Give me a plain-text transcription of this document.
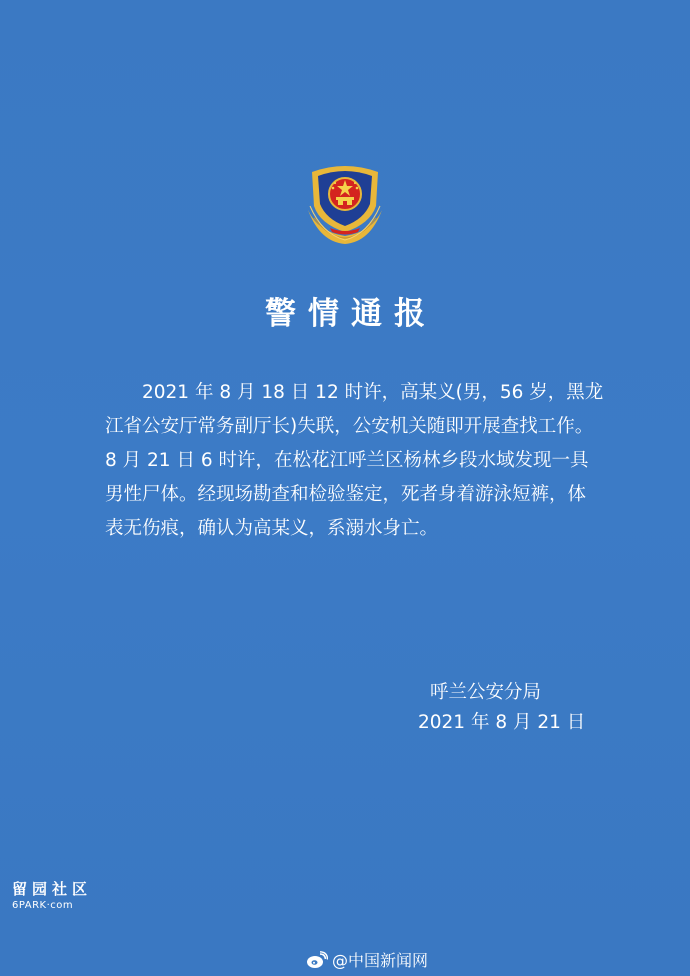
警情通报
2021 年 8 月 18 日 12 时许，高某义(男，56 岁，黑龙
江省公安厅常务副厅长)失联，公安机关随即开展查找工作。
8 月 21 日 6 时许，在松花江呼兰区杨林乡段水域发现一具
男性尸体。经现场勘查和检验鉴定，死者身着游泳短裤，体
表无伤痕，确认为高某义，系溺水身亡。
呼兰公安分局
2021 年 8 月 21 日
留园社区
6PARK·com
@中国新闻网
